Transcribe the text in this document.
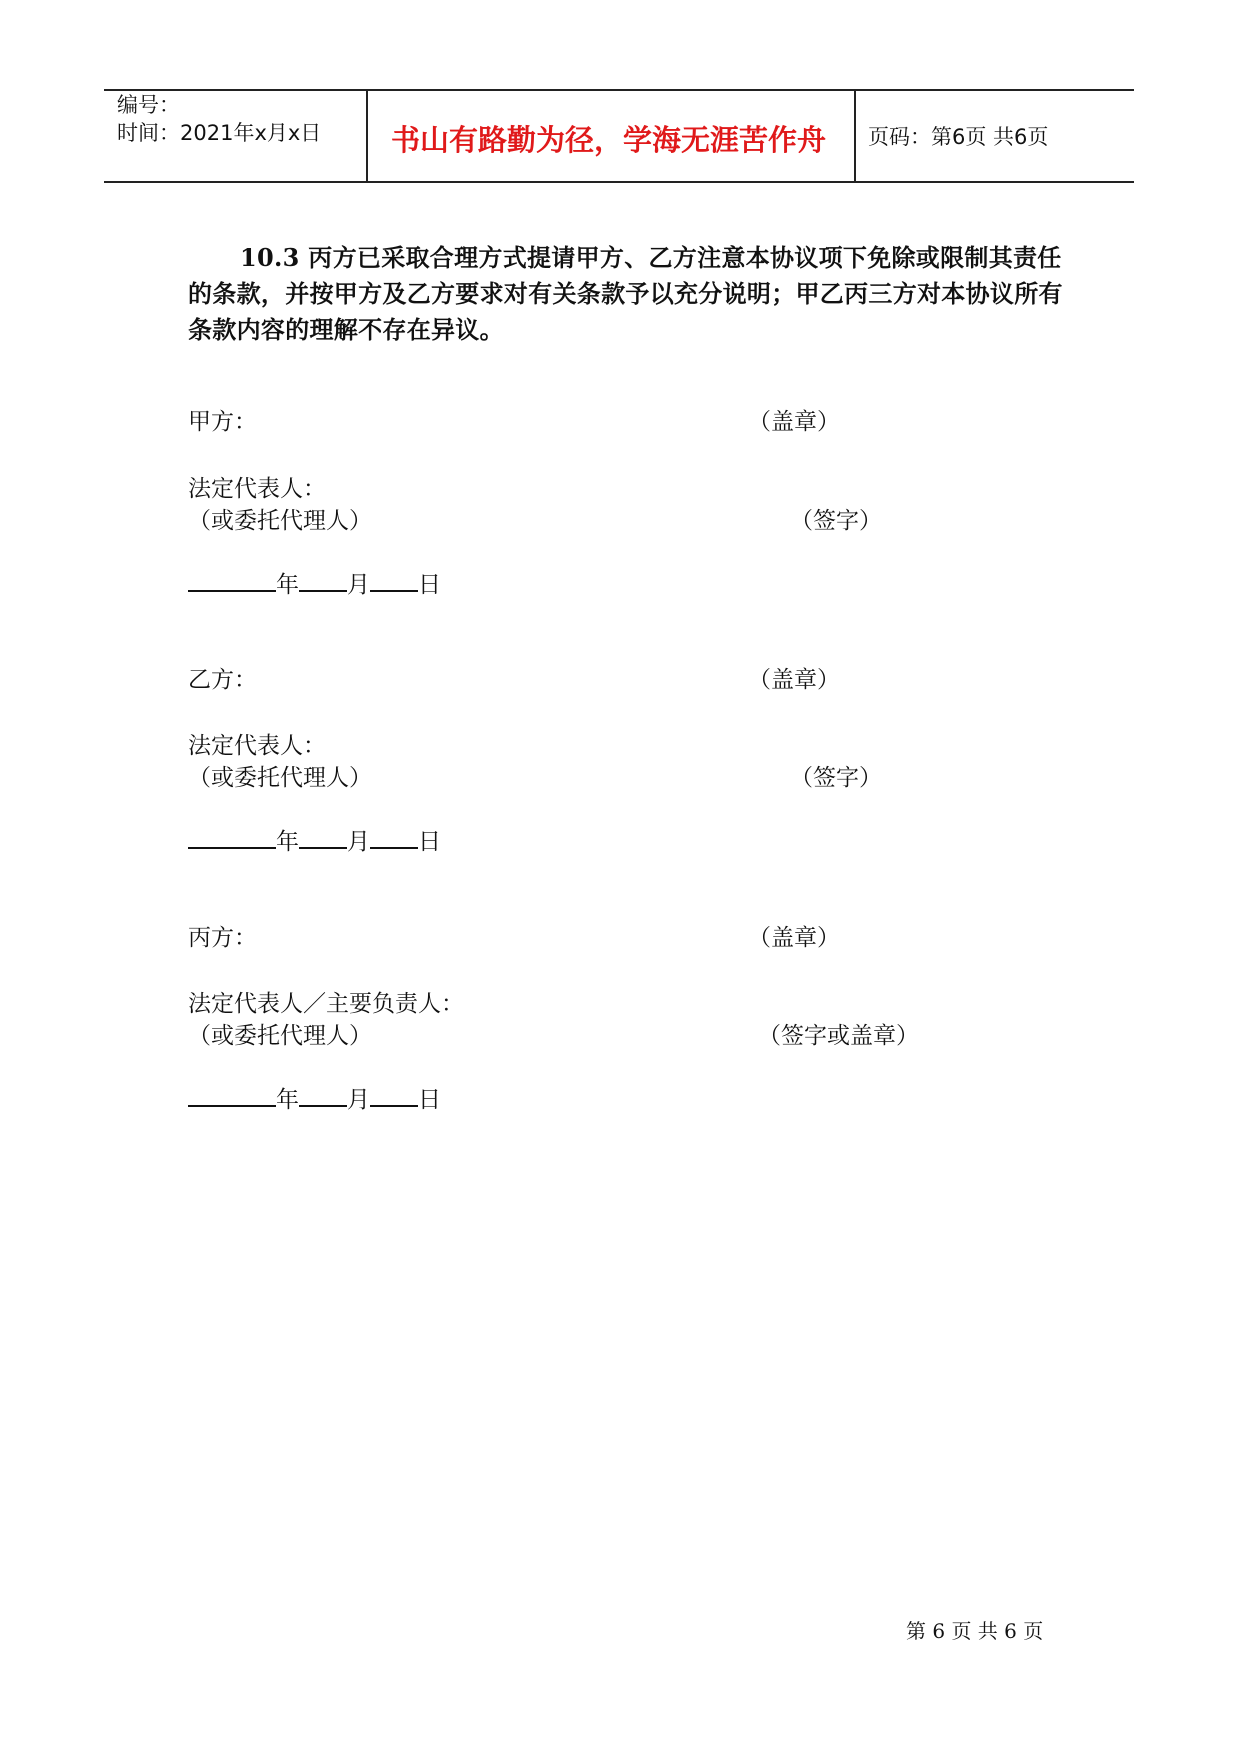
编号：
时间：2021年x月x日 书山有路勤为径，学海无涯苦作舟 页码：第6页 共6页
10.3 丙方已采取合理方式提请甲方、乙方注意本协议项下免除或限制其责任的条款，并按甲方及乙方要求对有关条款予以充分说明；甲乙丙三方对本协议所有条款内容的理解不存在异议。
甲方：	（盖章）
法定代表人：
（或委托代理人）	（签字）
年 月 日
乙方：	（盖章）
法定代表人：
（或委托代理人）	（签字）
年 月 日
丙方：	（盖章）
法定代表人／主要负责人：
（或委托代理人）	（签字或盖章）
年 月 日
第 6 页 共 6 页
